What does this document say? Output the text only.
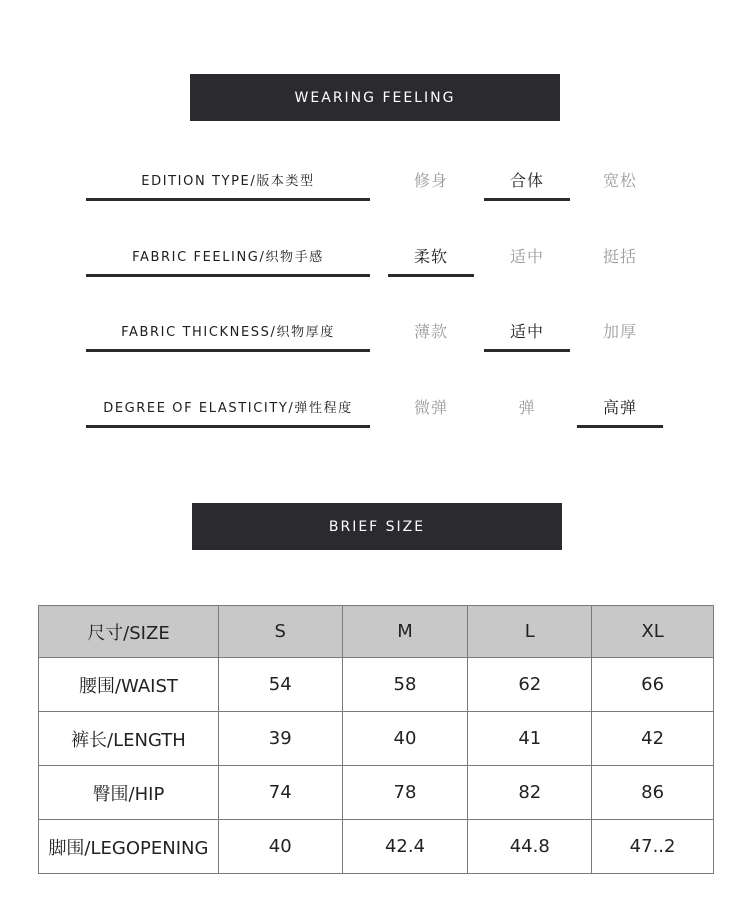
WEARING FEELING
EDITION TYPE/版本类型	修身	合体	宽松
FABRIC FEELING/织物手感	柔软	适中	挺括
FABRIC THICKNESS/织物厚度	薄款	适中	加厚
DEGREE OF ELASTICITY/弹性程度	微弹	弹	高弹
BRIEF SIZE
尺寸/SIZE	S	M	L	XL
腰围/WAIST	54	58	62	66
裤长/LENGTH	39	40	41	42
臀围/HIP	74	78	82	86
脚围/LEGOPENING	40	42.4	44.8	47..2
